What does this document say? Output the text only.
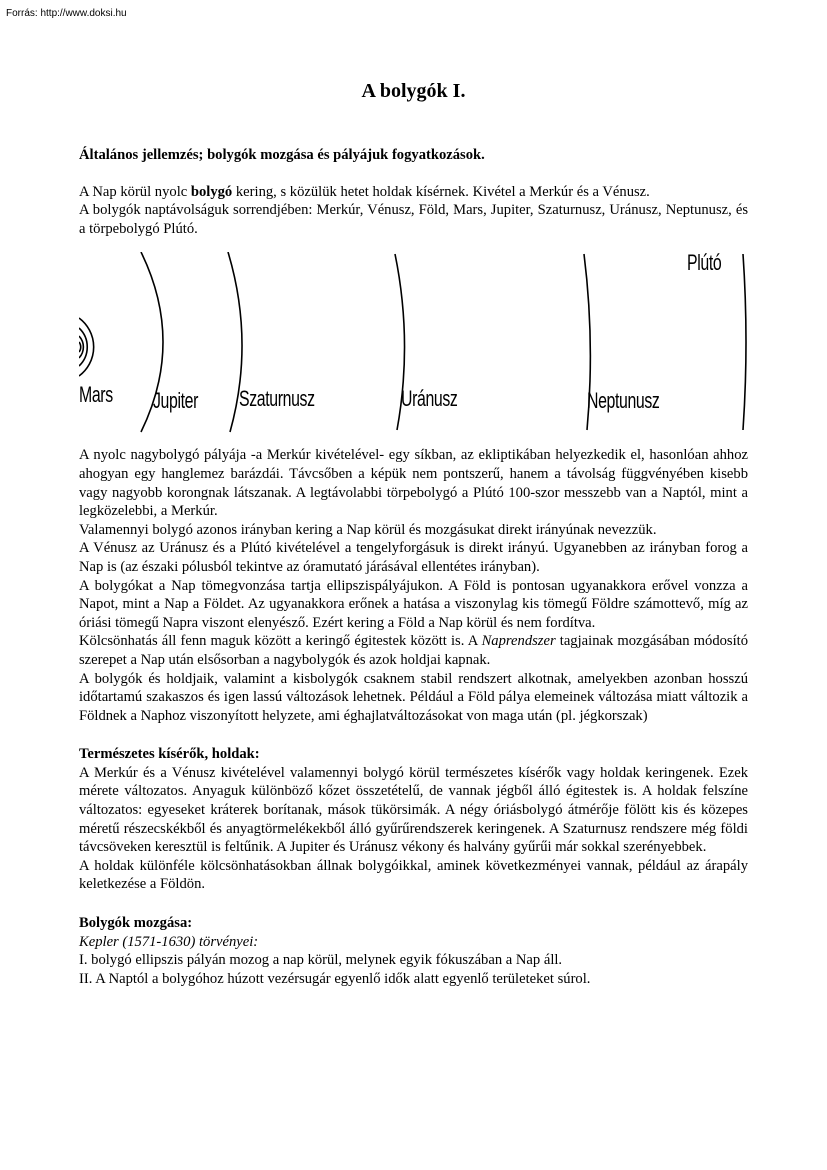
Forrás: http://www.doksi.hu
A bolygók I.

Általános jellemzés; bolygók mozgása és pályájuk fogyatkozások.

A Nap körül nyolc bolygó kering, s közülük hetet holdak kísérnek. Kivétel a Merkúr és a Vénusz.

A bolygók naptávolságuk sorrendjében: Merkúr, Vénusz, Föld, Mars, Jupiter, Szaturnusz, Uránusz, Neptunusz, és a törpebolygó Plútó.

Mars Jupiter Szaturnusz	Uránusz	Neptunusz
Plútó

A nyolc nagybolygó pályája -a Merkúr kivételével- egy síkban, az ekliptikában helyezkedik el, hasonlóan ahhoz ahogyan egy hanglemez barázdái. Távcsőben a képük nem pontszerű, hanem a távolság függvényében kisebb vagy nagyobb korongnak látszanak. A legtávolabbi törpebolygó a Plútó 100-szor messzebb van a Naptól, mint a legközelebbi, a Merkúr.

Valamennyi bolygó azonos irányban kering a Nap körül és mozgásukat direkt irányúnak nevezzük.

A Vénusz az Uránusz és a Plútó kivételével a tengelyforgásuk is direkt irányú. Ugyanebben az irányban forog a Nap is (az északi pólusból tekintve az óramutató járásával ellentétes irányban).

A bolygókat a Nap tömegvonzása tartja ellipszispályájukon. A Föld is pontosan ugyanakkora erővel vonzza a Napot, mint a Nap a Földet. Az ugyanakkora erőnek a hatása a viszonylag kis tömegű Földre számottevő, míg az óriási tömegű Napra viszont elenyésző. Ezért kering a Föld a Nap körül és nem fordítva.

Kölcsönhatás áll fenn maguk között a keringő égitestek között is. A Naprendszer tagjainak mozgásában módosító szerepet a Nap után elsősorban a nagybolygók és azok holdjai kapnak.

A bolygók és holdjaik, valamint a kisbolygók csaknem stabil rendszert alkotnak, amelyekben azonban hosszú időtartamú szakaszos és igen lassú változások lehetnek. Például a Föld pálya elemeinek változása miatt változik a Földnek a Naphoz viszonyított helyzete, ami éghajlatváltozásokat von maga után (pl. jégkorszak)

Természetes kísérők, holdak:

A Merkúr és a Vénusz kivételével valamennyi bolygó körül természetes kísérők vagy holdak keringenek. Ezek mérete változatos. Anyaguk különböző kőzet összetételű, de vannak jégből álló égitestek is. A holdak felszíne változatos: egyeseket kráterek borítanak, mások tükörsimák. A négy óriásbolygó átmérője fölött kis és közepes méretű részecskékből és anyagtörmelékekből álló gyűrűrendszerek keringenek. A Szaturnusz rendszere még földi távcsöveken keresztül is feltűnik. A Jupiter és Uránusz vékony és halvány gyűrűi már sokkal szerényebbek.

A holdak különféle kölcsönhatásokban állnak bolygóikkal, aminek következményei vannak, például az árapály keletkezése a Földön.

Bolygók mozgása:

Kepler (1571-1630) törvényei:

I. bolygó ellipszis pályán mozog a nap körül, melynek egyik fókuszában a Nap áll.

II. A Naptól a bolygóhoz húzott vezérsugár egyenlő idők alatt egyenlő területeket súrol.
